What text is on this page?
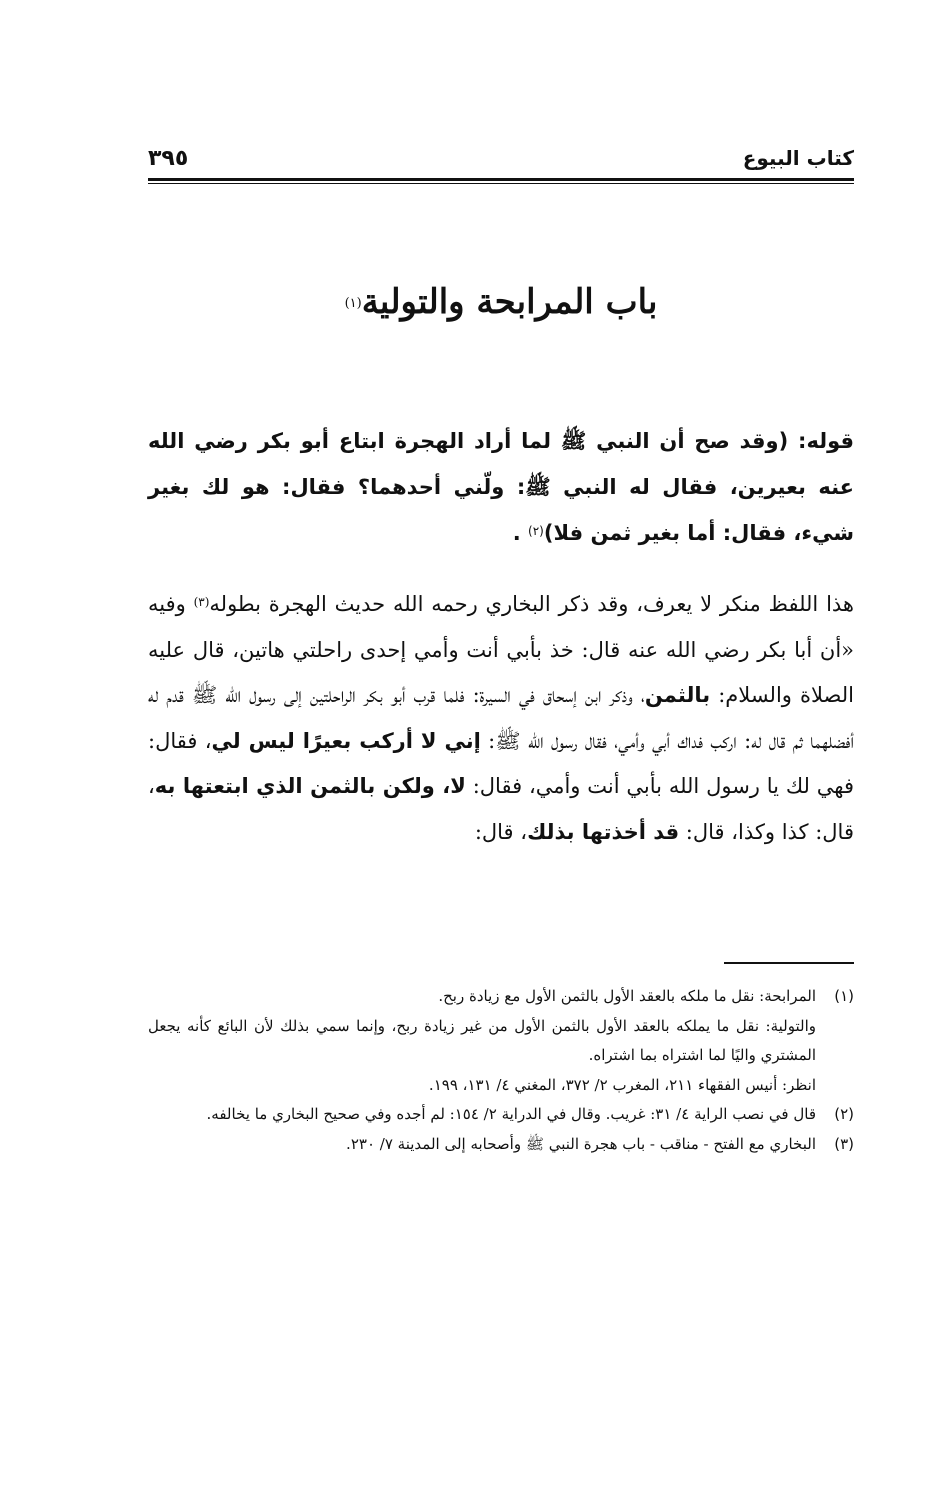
كتاب البيوع
٣٩٥
باب المرابحة والتولية$^{(١)}$
قوله: (وقد صح أن النبي ﷺ لما أراد الهجرة ابتاع أبو بكر رضي الله عنه بعيرين، فقال له النبي ﷺ: ولّني أحدهما؟ فقال: هو لك بغير شيء، فقال: أما بغير ثمن فلا)$^{(٢)}$ .
هذا اللفظ منكر لا يعرف، وقد ذكر البخاري رحمه الله حديث الهجرة بطوله$^{(٣)}$ وفيه «أن أبا بكر رضي الله عنه قال: خذ بأبي أنت وأمي إحدى راحلتي هاتين، قال عليه الصلاة والسلام: بالثمن، وذكر ابن إسحاق في السيرة: فلما قرب أبو بكر الراحلتين إلى رسول الله ﷺ قدم له أفضلهما ثم قال له: اركب فداك أبي وأمي، فقال رسول الله ﷺ: إني لا أركب بعيرًا ليس لي، فقال: فهي لك يا رسول الله بأبي أنت وأمي، فقال: لا، ولكن بالثمن الذي ابتعتها به، قال: كذا وكذا، قال: قد أخذتها بذلك، قال:
(١)

المرابحة: نقل ما ملكه بالعقد الأول بالثمن الأول مع زيادة ربح.

والتولية: نقل ما يملكه بالعقد الأول بالثمن الأول من غير زيادة ربح، وإنما سمي بذلك لأن البائع كأنه يجعل المشتري واليًا لما اشتراه بما اشتراه.

انظر: أنيس الفقهاء ٢١١، المغرب ٢/ ٣٧٢، المغني ٤/ ١٣١، ١٩٩.

(٢)

قال في نصب الراية ٤/ ٣١: غريب. وقال في الدراية ٢/ ١٥٤: لم أجده وفي صحيح البخاري ما يخالفه.

(٣)

البخاري مع الفتح - مناقب - باب هجرة النبي ﷺ وأصحابه إلى المدينة ٧/ ٢٣٠.
